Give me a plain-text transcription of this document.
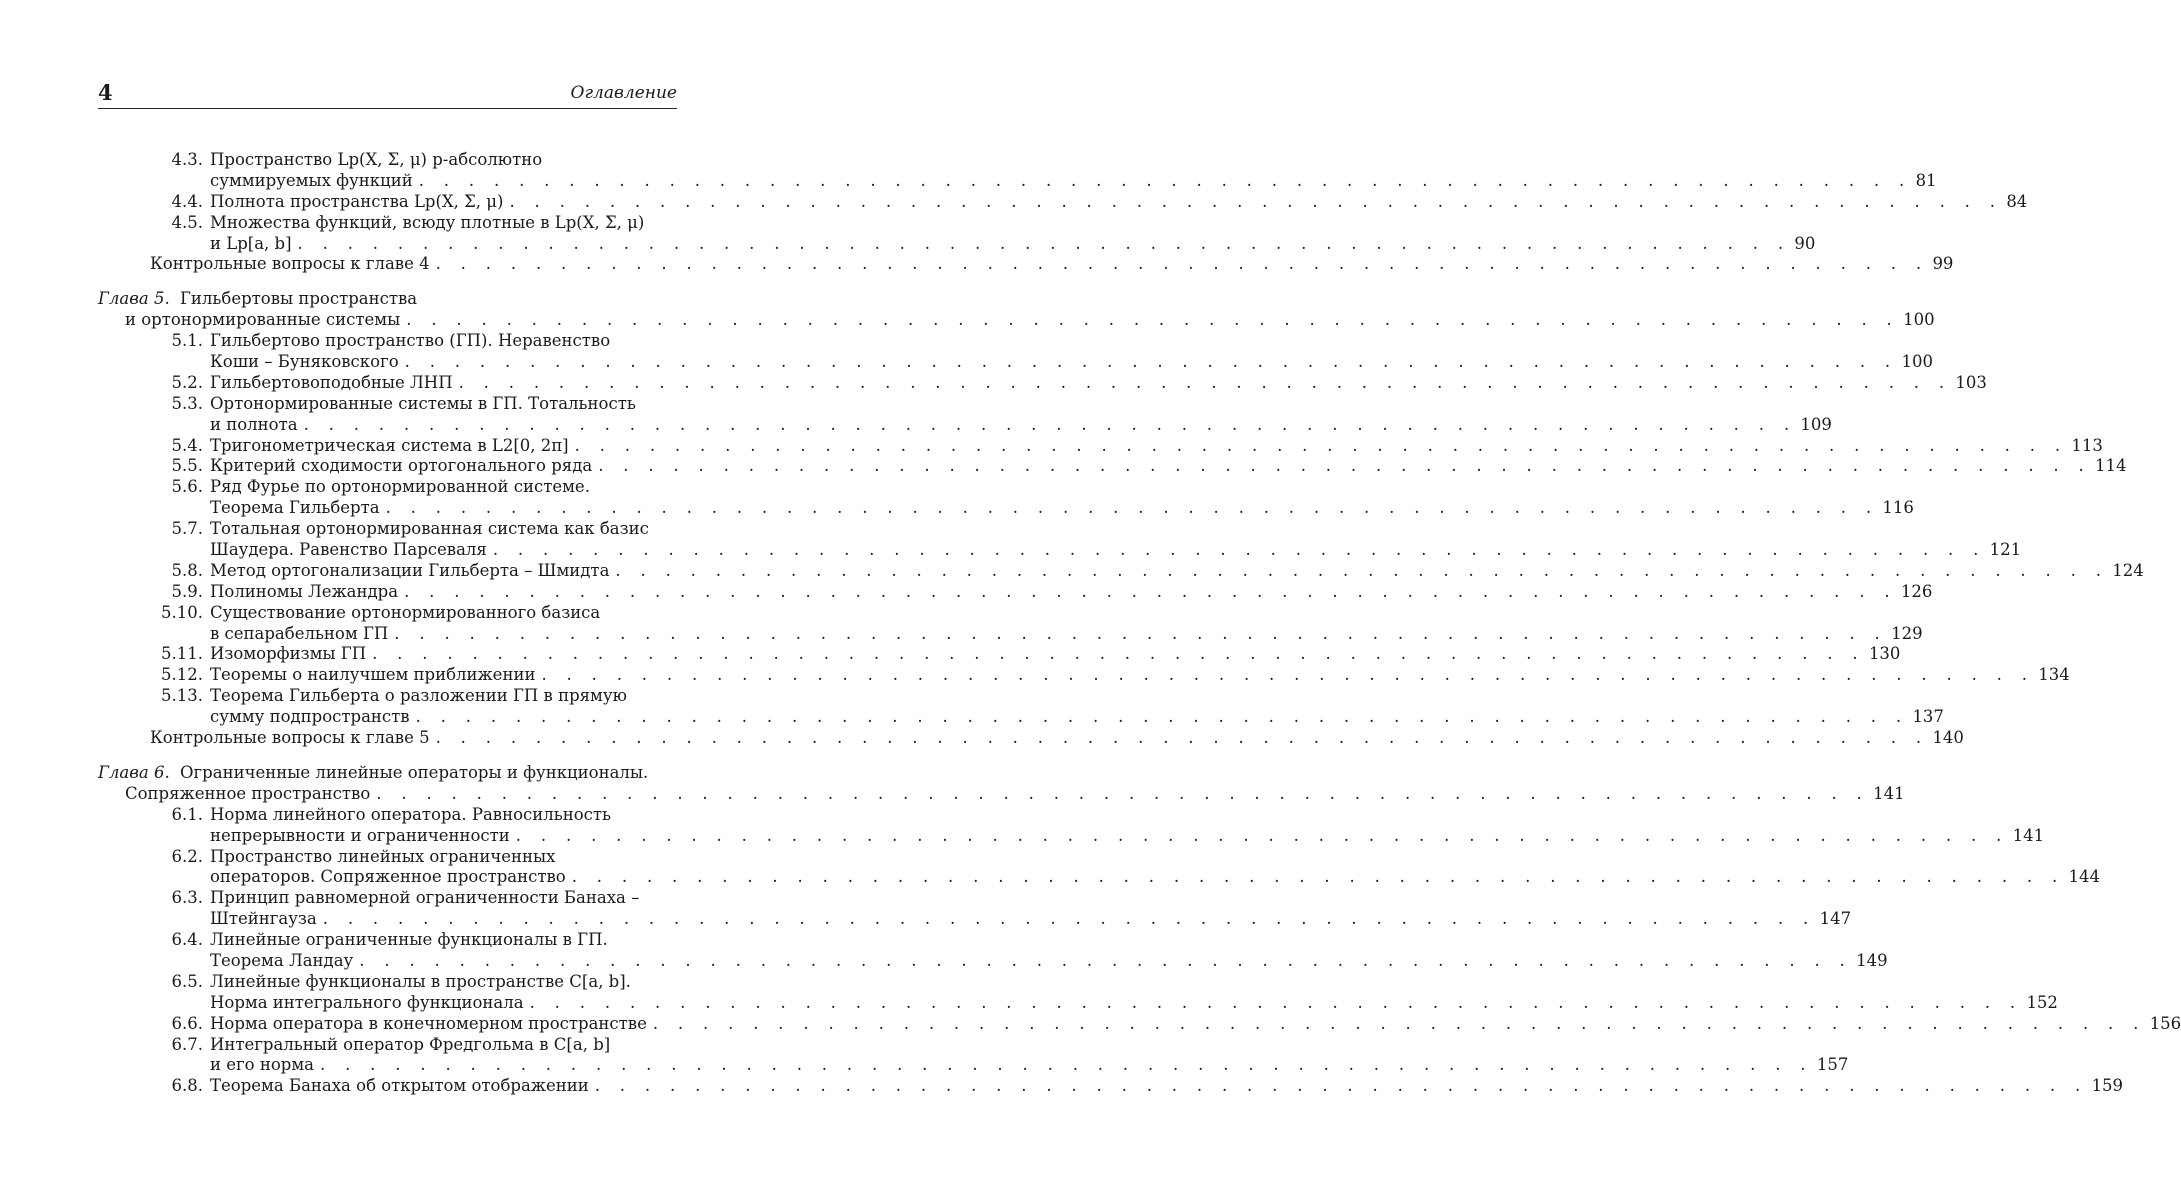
4	Оглавление
4.3. Пространство Lp(X, Σ, μ) p-абсолютно
суммируемых функций . . . . . . . . . . . . . . . . . . . . . . . . . . . . . . . . . . . . . . . . . . . . . . . . . . . . . . . . . . . . 81
4.4. Полнота пространства Lp(X, Σ, μ) . . . . . . . . . . . . . . . . . . . . . . . . . . . . . . . . . . . . . . . . . . . . . . . . . . . . . . . . . . . . 84
4.5. Множества функций, всюду плотные в Lp(X, Σ, μ)
и Lp[a, b] . . . . . . . . . . . . . . . . . . . . . . . . . . . . . . . . . . . . . . . . . . . . . . . . . . . . . . . . . . . . 90
Контрольные вопросы к главе 4 . . . . . . . . . . . . . . . . . . . . . . . . . . . . . . . . . . . . . . . . . . . . . . . . . . . . . . . . . . . . 99
Глава 5. Гильбертовы пространства
и ортонормированные системы . . . . . . . . . . . . . . . . . . . . . . . . . . . . . . . . . . . . . . . . . . . . . . . . . . . . . . . . . . . . 100
5.1. Гильбертово пространство (ГП). Неравенство
Коши – Буняковского . . . . . . . . . . . . . . . . . . . . . . . . . . . . . . . . . . . . . . . . . . . . . . . . . . . . . . . . . . . . 100
5.2. Гильбертовоподобные ЛНП . . . . . . . . . . . . . . . . . . . . . . . . . . . . . . . . . . . . . . . . . . . . . . . . . . . . . . . . . . . . 103
5.3. Ортонормированные системы в ГП. Тотальность
и полнота . . . . . . . . . . . . . . . . . . . . . . . . . . . . . . . . . . . . . . . . . . . . . . . . . . . . . . . . . . . . 109
5.4. Тригонометрическая система в L2[0, 2π] . . . . . . . . . . . . . . . . . . . . . . . . . . . . . . . . . . . . . . . . . . . . . . . . . . . . . . . . . . . . 113
5.5. Критерий сходимости ортогонального ряда . . . . . . . . . . . . . . . . . . . . . . . . . . . . . . . . . . . . . . . . . . . . . . . . . . . . . . . . . . . . 114
5.6. Ряд Фурье по ортонормированной системе.
Теорема Гильберта . . . . . . . . . . . . . . . . . . . . . . . . . . . . . . . . . . . . . . . . . . . . . . . . . . . . . . . . . . . . 116
5.7. Тотальная ортонормированная система как базис
Шаудера. Равенство Парсеваля . . . . . . . . . . . . . . . . . . . . . . . . . . . . . . . . . . . . . . . . . . . . . . . . . . . . . . . . . . . . 121
5.8. Метод ортогонализации Гильберта – Шмидта . . . . . . . . . . . . . . . . . . . . . . . . . . . . . . . . . . . . . . . . . . . . . . . . . . . . . . . . . . . . 124
5.9. Полиномы Лежандра . . . . . . . . . . . . . . . . . . . . . . . . . . . . . . . . . . . . . . . . . . . . . . . . . . . . . . . . . . . . 126
5.10. Существование ортонормированного базиса
в сепарабельном ГП . . . . . . . . . . . . . . . . . . . . . . . . . . . . . . . . . . . . . . . . . . . . . . . . . . . . . . . . . . . . 129
5.11. Изоморфизмы ГП . . . . . . . . . . . . . . . . . . . . . . . . . . . . . . . . . . . . . . . . . . . . . . . . . . . . . . . . . . . . 130
5.12. Теоремы о наилучшем приближении . . . . . . . . . . . . . . . . . . . . . . . . . . . . . . . . . . . . . . . . . . . . . . . . . . . . . . . . . . . . 134
5.13. Теорема Гильберта о разложении ГП в прямую
сумму подпространств . . . . . . . . . . . . . . . . . . . . . . . . . . . . . . . . . . . . . . . . . . . . . . . . . . . . . . . . . . . . 137
Контрольные вопросы к главе 5 . . . . . . . . . . . . . . . . . . . . . . . . . . . . . . . . . . . . . . . . . . . . . . . . . . . . . . . . . . . . 140
Глава 6. Ограниченные линейные операторы и функционалы.
Сопряженное пространство . . . . . . . . . . . . . . . . . . . . . . . . . . . . . . . . . . . . . . . . . . . . . . . . . . . . . . . . . . . . 141
6.1. Норма линейного оператора. Равносильность
непрерывности и ограниченности . . . . . . . . . . . . . . . . . . . . . . . . . . . . . . . . . . . . . . . . . . . . . . . . . . . . . . . . . . . . 141
6.2. Пространство линейных ограниченных
операторов. Сопряженное пространство . . . . . . . . . . . . . . . . . . . . . . . . . . . . . . . . . . . . . . . . . . . . . . . . . . . . . . . . . . . . 144
6.3. Принцип равномерной ограниченности Банаха –
Штейнгауза . . . . . . . . . . . . . . . . . . . . . . . . . . . . . . . . . . . . . . . . . . . . . . . . . . . . . . . . . . . . 147
6.4. Линейные ограниченные функционалы в ГП.
Теорема Ландау . . . . . . . . . . . . . . . . . . . . . . . . . . . . . . . . . . . . . . . . . . . . . . . . . . . . . . . . . . . . 149
6.5. Линейные функционалы в пространстве C[a, b].
Норма интегрального функционала . . . . . . . . . . . . . . . . . . . . . . . . . . . . . . . . . . . . . . . . . . . . . . . . . . . . . . . . . . . . 152
6.6. Норма оператора в конечномерном пространстве . . . . . . . . . . . . . . . . . . . . . . . . . . . . . . . . . . . . . . . . . . . . . . . . . . . . . . . . . . . . 156
6.7. Интегральный оператор Фредгольма в C[a, b]
и его норма . . . . . . . . . . . . . . . . . . . . . . . . . . . . . . . . . . . . . . . . . . . . . . . . . . . . . . . . . . . . 157
6.8. Теорема Банаха об открытом отображении . . . . . . . . . . . . . . . . . . . . . . . . . . . . . . . . . . . . . . . . . . . . . . . . . . . . . . . . . . . . 159
